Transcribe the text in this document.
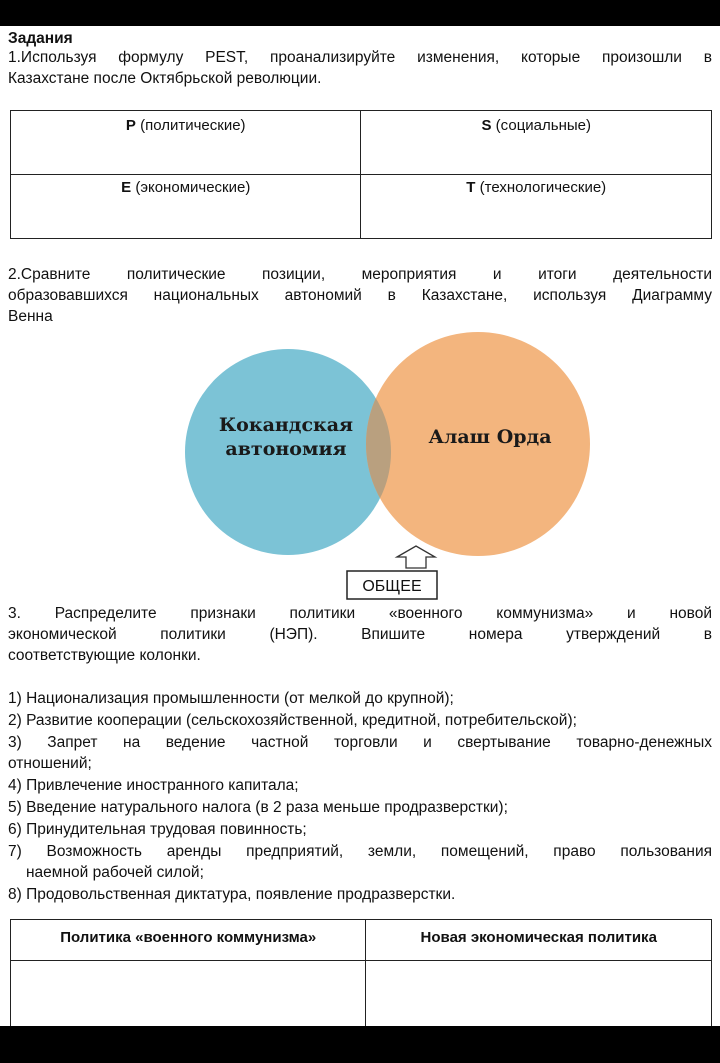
Задания
1.Используя формулу PEST, проанализируйте изменения, которые произошли в
Казахстане после Октябрьской революции.
P (политические)	S (социальные)
E (экономические)	T (технологические)
2.Сравните политические позиции, мероприятия и итоги деятельности
образовавшихся национальных автономий в Казахстане, используя Диаграмму
Венна
Кокандская
автономия
Алаш Орда
ОБЩЕЕ
3. Распределите признаки политики «военного коммунизма» и новой
экономической политики (НЭП). Впишите номера утверждений в
соответствующие колонки.
1) Национализация промышленности (от мелкой до крупной);
2) Развитие кооперации (сельскохозяйственной, кредитной, потребительской);
3) Запрет на ведение частной торговли и свертывание товарно-денежных
отношений;
4) Привлечение иностранного капитала;
5) Введение натурального налога (в 2 раза меньше продразверстки);
6) Принудительная трудовая повинность;
7) Возможность аренды предприятий, земли, помещений, право пользования
наемной рабочей силой;
8) Продовольственная диктатура, появление продразверстки.
Политика «военного коммунизма»	Новая экономическая политика
